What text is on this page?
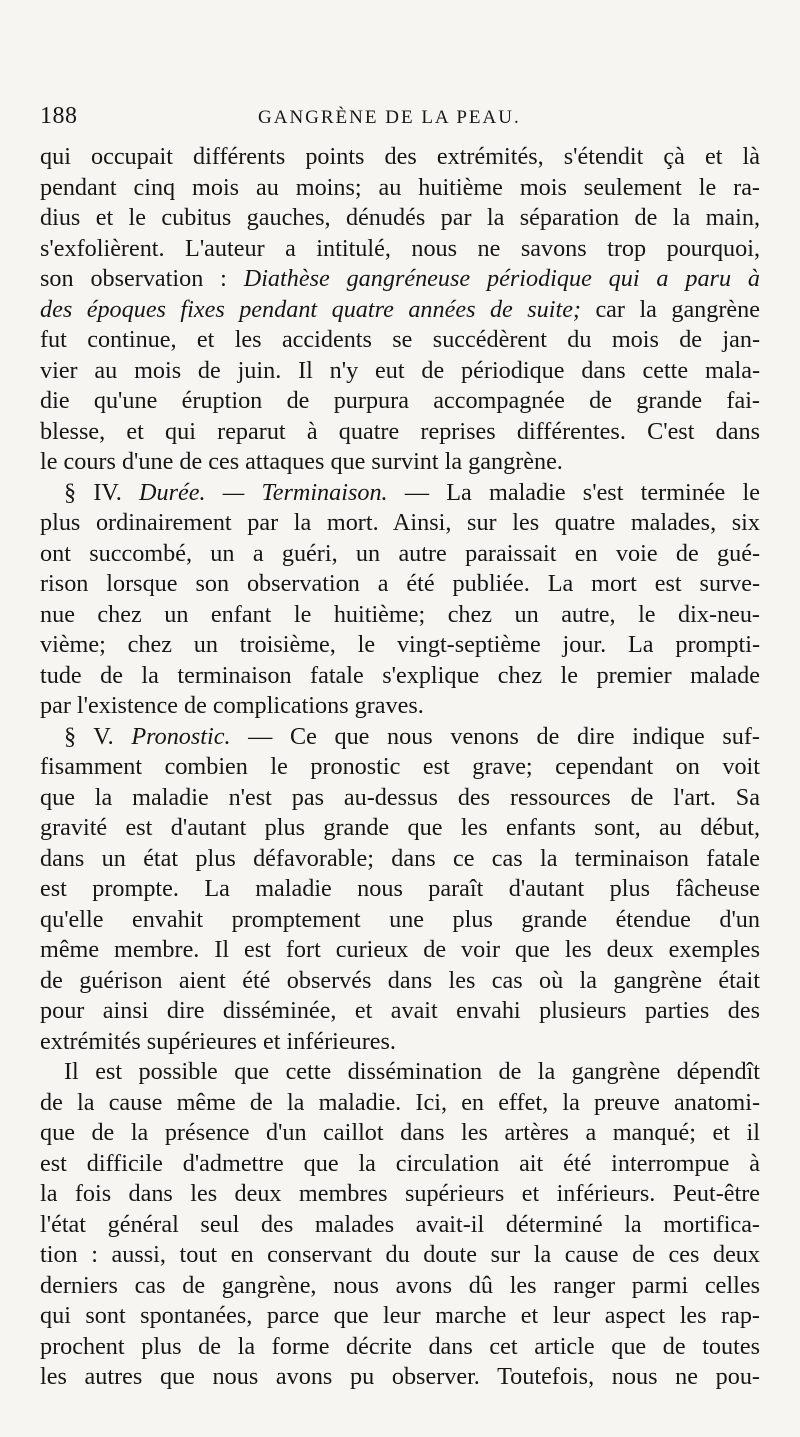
188	GANGRÈNE DE LA PEAU.
qui occupait différents points des extrémités, s'étendit çà et là
pendant cinq mois au moins; au huitième mois seulement le ra-
dius et le cubitus gauches, dénudés par la séparation de la main,
s'exfolièrent. L'auteur a intitulé, nous ne savons trop pourquoi,
son observation : Diathèse gangréneuse périodique qui a paru à
des époques fixes pendant quatre années de suite; car la gangrène
fut continue, et les accidents se succédèrent du mois de jan-
vier au mois de juin. Il n'y eut de périodique dans cette mala-
die qu'une éruption de purpura accompagnée de grande fai-
blesse, et qui reparut à quatre reprises différentes. C'est dans
le cours d'une de ces attaques que survint la gangrène.
§ IV. Durée. — Terminaison. — La maladie s'est terminée le
plus ordinairement par la mort. Ainsi, sur les quatre malades, six
ont succombé, un a guéri, un autre paraissait en voie de gué-
rison lorsque son observation a été publiée. La mort est surve-
nue chez un enfant le huitième; chez un autre, le dix-neu-
vième; chez un troisième, le vingt-septième jour. La prompti-
tude de la terminaison fatale s'explique chez le premier malade
par l'existence de complications graves.
§ V. Pronostic. — Ce que nous venons de dire indique suf-
fisamment combien le pronostic est grave; cependant on voit
que la maladie n'est pas au-dessus des ressources de l'art. Sa
gravité est d'autant plus grande que les enfants sont, au début,
dans un état plus défavorable; dans ce cas la terminaison fatale
est prompte. La maladie nous paraît d'autant plus fâcheuse
qu'elle envahit promptement une plus grande étendue d'un
même membre. Il est fort curieux de voir que les deux exemples
de guérison aient été observés dans les cas où la gangrène était
pour ainsi dire disséminée, et avait envahi plusieurs parties des
extrémités supérieures et inférieures.
Il est possible que cette dissémination de la gangrène dépendît
de la cause même de la maladie. Ici, en effet, la preuve anatomi-
que de la présence d'un caillot dans les artères a manqué; et il
est difficile d'admettre que la circulation ait été interrompue à
la fois dans les deux membres supérieurs et inférieurs. Peut-être
l'état général seul des malades avait-il déterminé la mortifica-
tion : aussi, tout en conservant du doute sur la cause de ces deux
derniers cas de gangrène, nous avons dû les ranger parmi celles
qui sont spontanées, parce que leur marche et leur aspect les rap-
prochent plus de la forme décrite dans cet article que de toutes
les autres que nous avons pu observer. Toutefois, nous ne pou-
